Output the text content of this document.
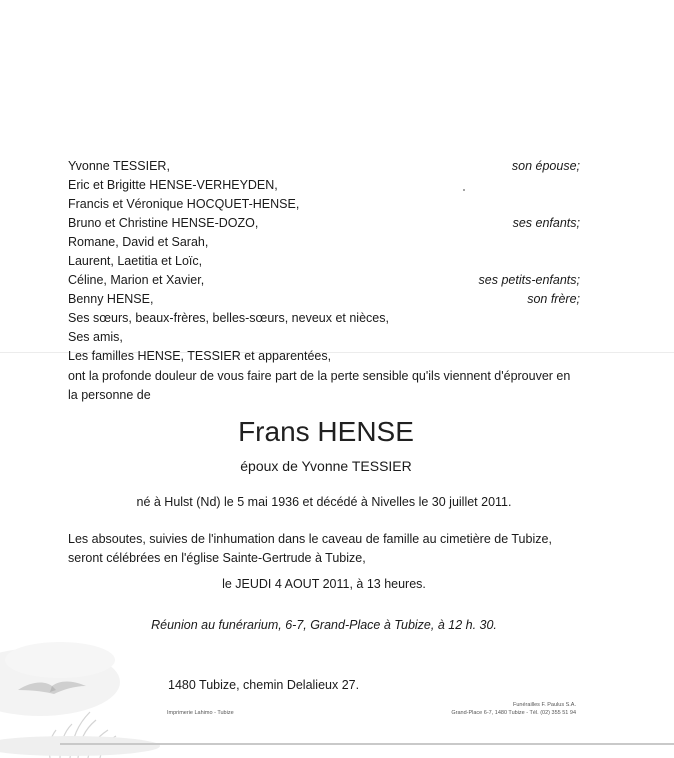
Yvonne TESSIER,	son épouse;
Eric et Brigitte HENSE-VERHEYDEN,
Francis et Véronique HOCQUET-HENSE,
Bruno et Christine HENSE-DOZO,	ses enfants;
Romane, David et Sarah,
Laurent, Laetitia et Loïc,
Céline, Marion et Xavier,	ses petits-enfants;
Benny HENSE,	son frère;
Ses sœurs, beaux-frères, belles-sœurs, neveux et nièces,
Ses amis,
Les familles HENSE, TESSIER et apparentées,
ont la profonde douleur de vous faire part de la perte sensible qu'ils viennent d'éprouver en la personne de
Frans HENSE
époux de Yvonne TESSIER
né à Hulst (Nd) le 5 mai 1936 et décédé à Nivelles le 30 juillet 2011.
Les absoutes, suivies de l'inhumation dans le caveau de famille au cimetière de Tubize, seront célébrées en l'église Sainte-Gertrude à Tubize,
le JEUDI 4 AOUT 2011, à 13 heures.
Réunion au funérarium, 6-7, Grand-Place à Tubize, à 12 h. 30.
1480 Tubize, chemin Delalieux 27.
Imprimerie Lahimo - Tubize
Funérailles F. Paulus S.A.
Grand-Place 6-7, 1480 Tubize - Tél. (02) 355 51 94
